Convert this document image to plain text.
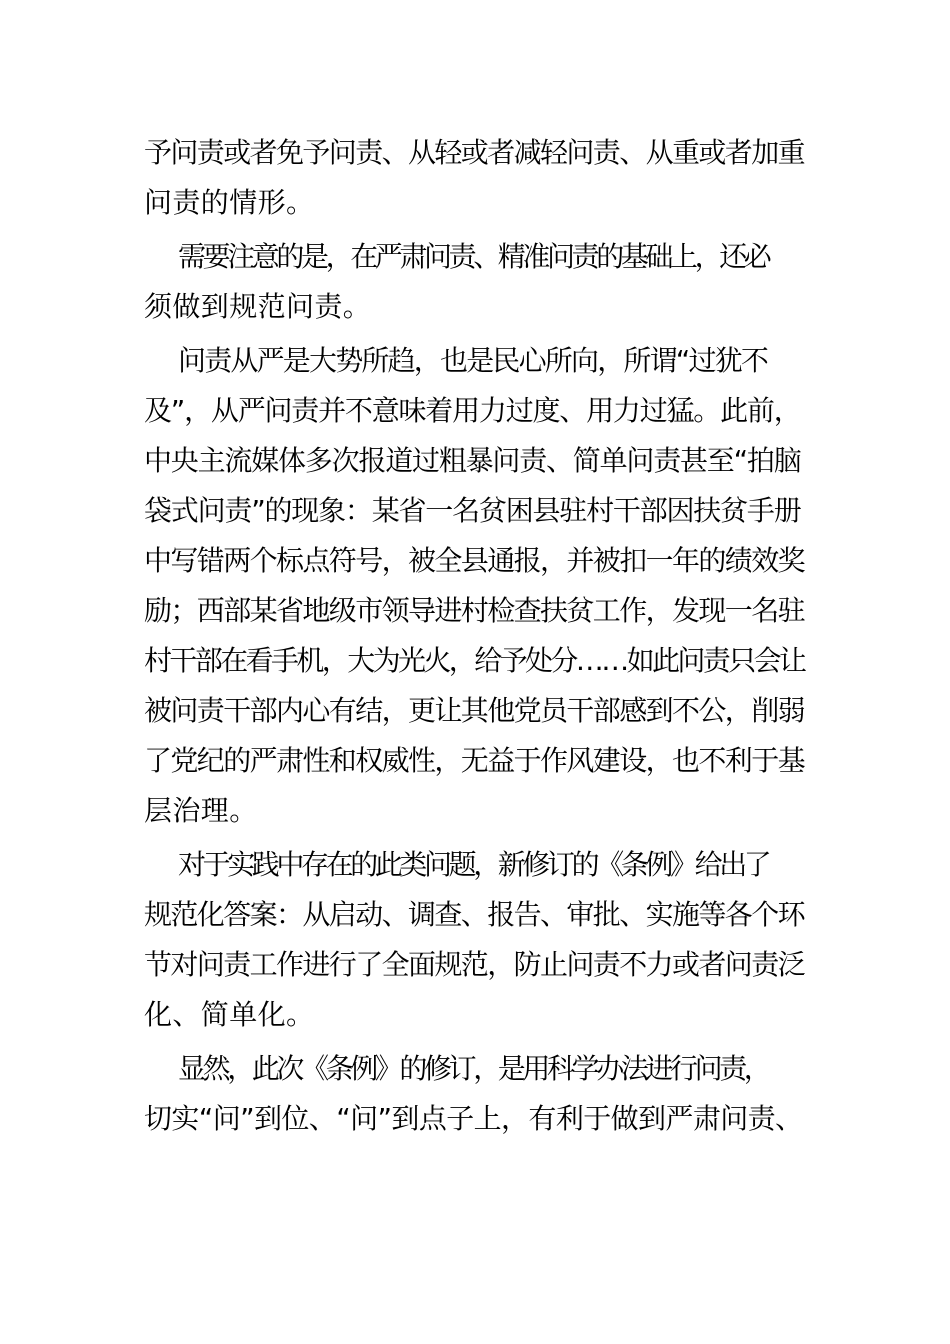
予问责或者免予问责、从轻或者减轻问责、从重或者加重
问责的情形。
需要注意的是，在严肃问责、精准问责的基础上，还必
须做到规范问责。
问责从严是大势所趋，也是民心所向，所谓“过犹不
及”，从严问责并不意味着用力过度、用力过猛。此前，
中央主流媒体多次报道过粗暴问责、简单问责甚至“拍脑
袋式问责”的现象：某省一名贫困县驻村干部因扶贫手册
中写错两个标点符号，被全县通报，并被扣一年的绩效奖
励；西部某省地级市领导进村检查扶贫工作，发现一名驻
村干部在看手机，大为光火，给予处分……如此问责只会让
被问责干部内心有结，更让其他党员干部感到不公，削弱
了党纪的严肃性和权威性，无益于作风建设，也不利于基
层治理。
对于实践中存在的此类问题，新修订的《条例》给出了
规范化答案：从启动、调查、报告、审批、实施等各个环
节对问责工作进行了全面规范，防止问责不力或者问责泛
化、简单化。
显然，此次《条例》的修订，是用科学办法进行问责，
切实“问”到位、“问”到点子上，有利于做到严肃问责、
